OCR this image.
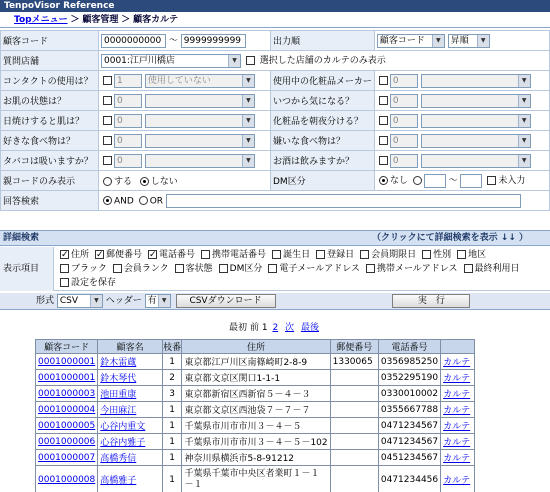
TenpoVisor Reference
Topメニュー ＞ 顧客管理 ＞ 顧客カルテ
顧客コード	0000000000 ～ 9999999999	出力順	顧客コード ▼ 昇順 ▼
質問店舗	0001:江戸川橋店 ▼ 選択した店舗のカルテのみ表示
コンタクトの使用は？	1 使用していない ▼	使用中の化粧品メーカー	0 ▼
お肌の状態は？	0 ▼	いつから気になる？	0 ▼
日焼けすると肌は？	0 ▼	化粧品を朝夜分ける？	0 ▼
好きな食べ物は？	0 ▼	嫌いな食べ物は？	0 ▼
タバコは吸いますか？	0 ▼	お酒は飲みますか？	0 ▼
親コードのみ表示	する しない	DM区分	なし ～ 未入力
回答検索	AND OR		
詳細検索	（クリックにて詳細検索を表示 ↓↓ ）
表示項目
✓住所 ✓ 郵便番号 ✓ 電話番号 携帯電話番号 誕生日 登録日 会員期限日 性別 地区
ブラック 会員ランク 客状態 DM区分 電子メールアドレス 携帯メールアドレス 最終利用日
設定を保存
形式 CSV ▼	ヘッダー 有 ▼	CSVダウンロード	実　行
最初 前 1 2 次 最後
顧客コード	顧客名	枝番	住所	郵便番号	電話番号	
0001000001	鈴木雷蔵	1	東京都江戸川区南篠崎町2-8-9	1330065	0356985250	カルテ
0001000001	鈴木琴代	2	東京都文京区関口1-1-1		0352295190	カルテ
0001000003	池田重康	3	東京都新宿区西新宿５－４－３		0330010002	カルテ
0001000004	今田麻江	1	東京都文京区西池袋７－７－７		0355667788	カルテ
0001000005	心谷内重文	1	千葉県市川市市川３－４－５		0471234567	カルテ
0001000006	心谷内雅子	1	千葉県市川市市川３－４－５－102		0471234567	カルテ
0001000007	高橋秀信	1	神奈川県横浜市5-8-91212		0451234567	カルテ
0001000008	高橋雅子	1	千葉県千葉市中央区者業町１－１－１		0471234456	カルテ
